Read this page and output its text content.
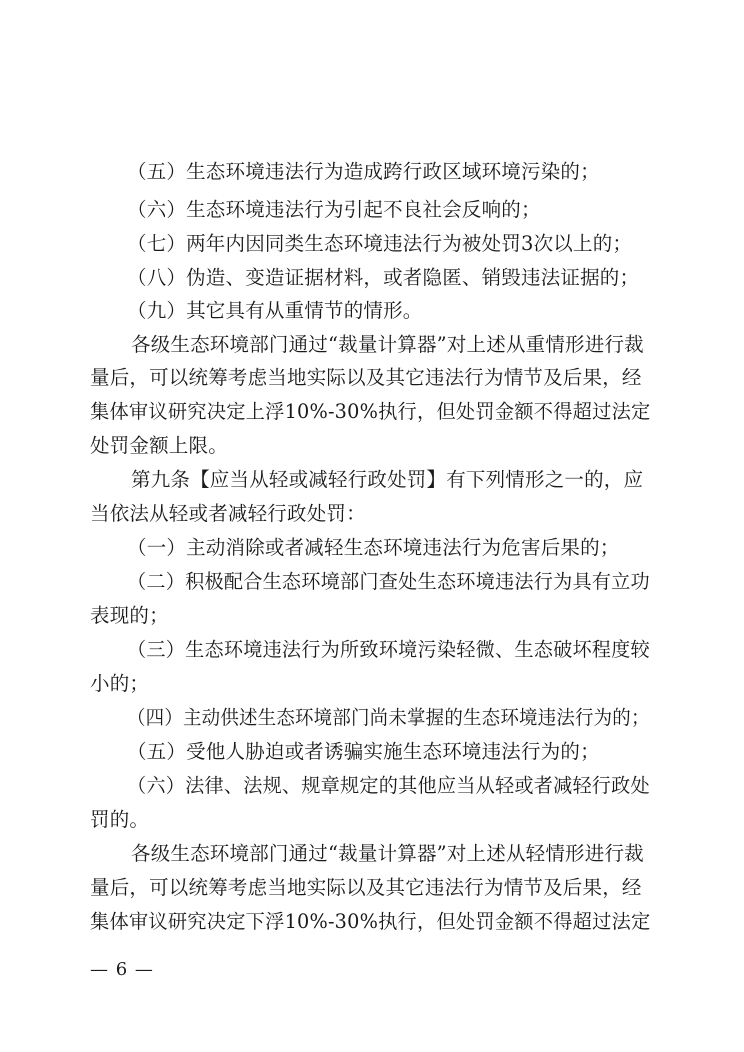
（五）生态环境违法行为造成跨行政区域环境污染的；
（六）生态环境违法行为引起不良社会反响的；
（七）两年内因同类生态环境违法行为被处罚3次以上的；
（八）伪造、变造证据材料，或者隐匿、销毁违法证据的；
（九）其它具有从重情节的情形。
各级生态环境部门通过“裁量计算器”对上述从重情形进行裁
量后，可以统筹考虑当地实际以及其它违法行为情节及后果，经
集体审议研究决定上浮10%-30%执行，但处罚金额不得超过法定
处罚金额上限。
第九条【应当从轻或减轻行政处罚】有下列情形之一的，应
当依法从轻或者减轻行政处罚：
（一）主动消除或者减轻生态环境违法行为危害后果的；
（二）积极配合生态环境部门查处生态环境违法行为具有立功
表现的；
（三）生态环境违法行为所致环境污染轻微、生态破坏程度较
小的；
（四）主动供述生态环境部门尚未掌握的生态环境违法行为的；
（五）受他人胁迫或者诱骗实施生态环境违法行为的；
（六）法律、法规、规章规定的其他应当从轻或者减轻行政处
罚的。
各级生态环境部门通过“裁量计算器”对上述从轻情形进行裁
量后，可以统筹考虑当地实际以及其它违法行为情节及后果，经
集体审议研究决定下浮10%-30%执行，但处罚金额不得超过法定
— 6 —
